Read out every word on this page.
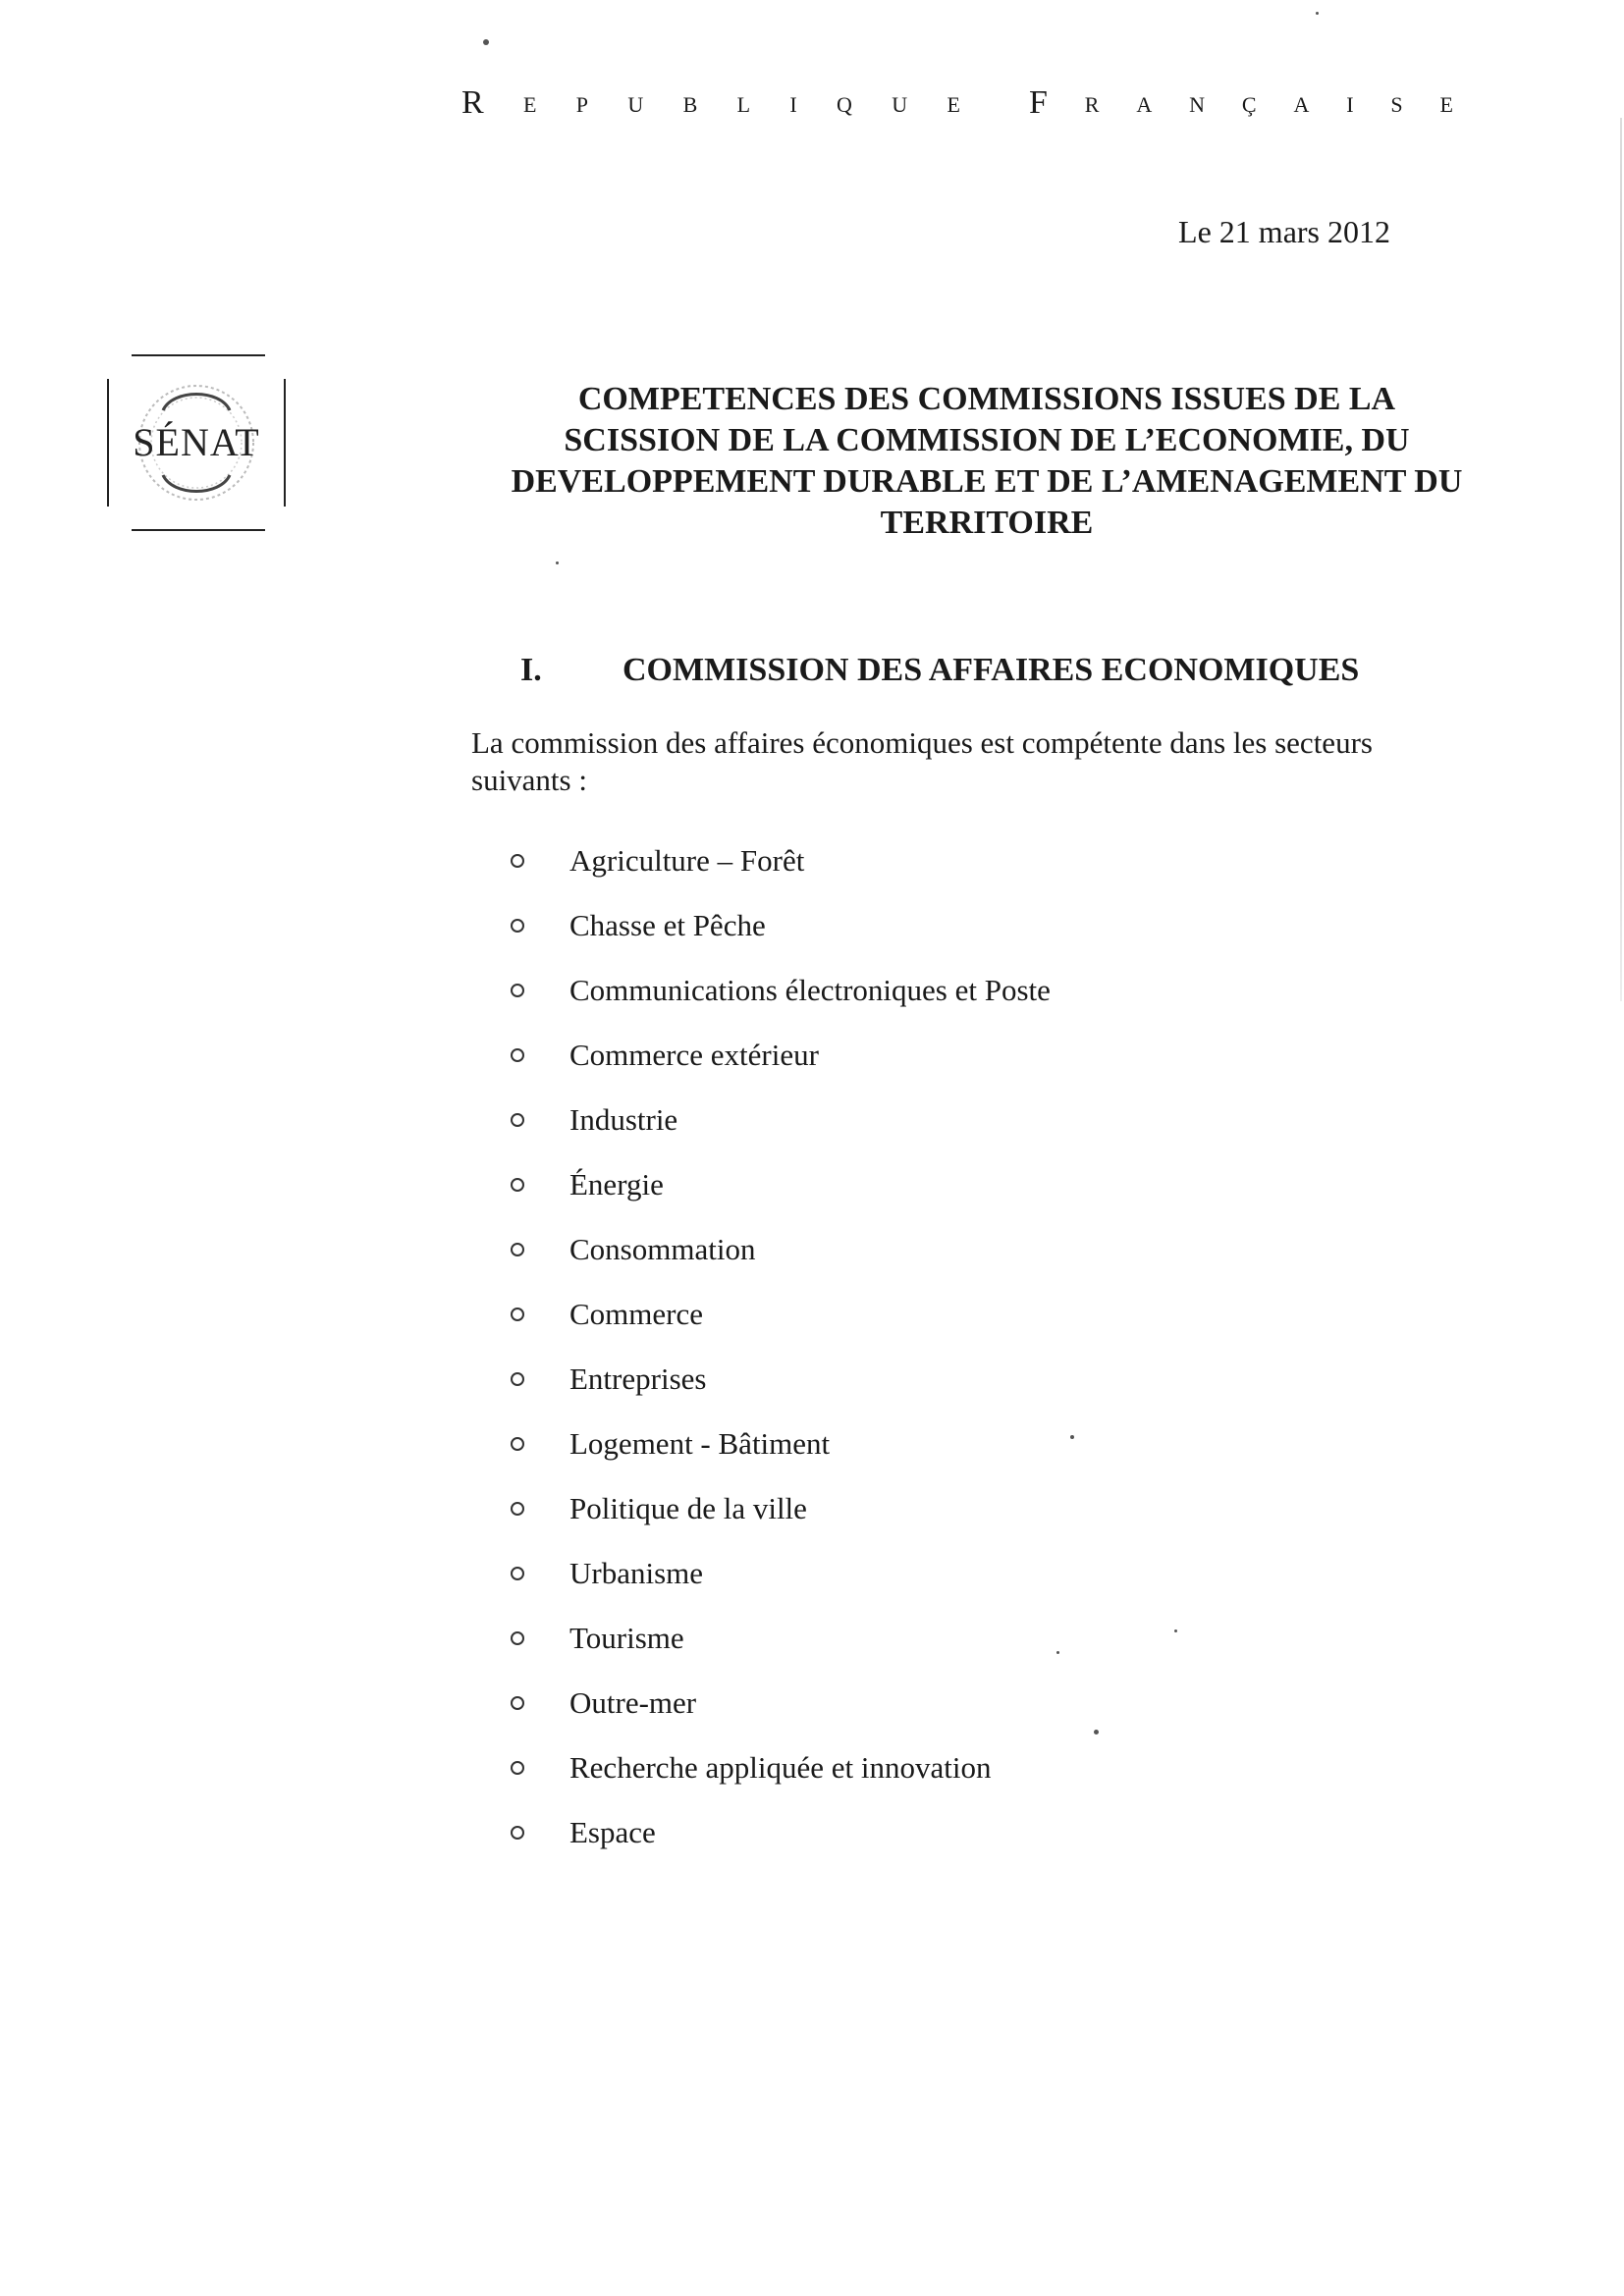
R E P U B L I Q U E F R A N Ç A I S E
Le 21 mars 2012
SÉNAT
COMPETENCES DES COMMISSIONS ISSUES DE LA
SCISSION DE LA COMMISSION DE L’ECONOMIE, DU
DEVELOPPEMENT DURABLE ET DE L’AMENAGEMENT DU
TERRITOIRE
I.	COMMISSION DES AFFAIRES ECONOMIQUES
La commission des affaires économiques est compétente dans les secteurs suivants :
Agriculture – Forêt
Chasse et Pêche
Communications électroniques et Poste
Commerce extérieur
Industrie
Énergie
Consommation
Commerce
Entreprises
Logement - Bâtiment
Politique de la ville
Urbanisme
Tourisme
Outre-mer
Recherche appliquée et innovation
Espace
